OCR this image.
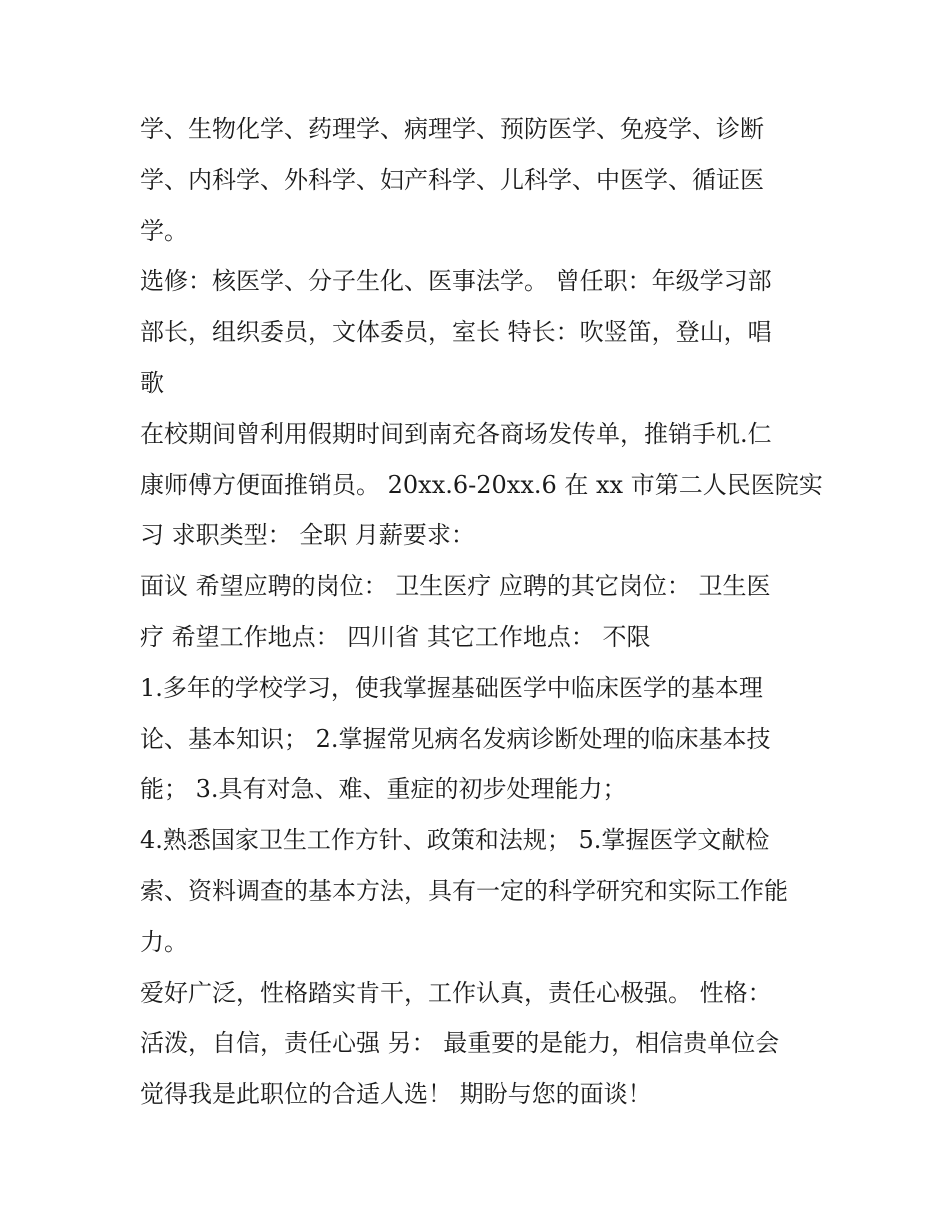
学、生物化学、药理学、病理学、预防医学、免疫学、诊断
学、内科学、外科学、妇产科学、儿科学、中医学、循证医
学。
选修：核医学、分子生化、医事法学。 曾任职：年级学习部
部长，组织委员，文体委员，室长 特长：吹竖笛，登山，唱
歌
在校期间曾利用假期时间到南充各商场发传单，推销手机.仁
康师傅方便面推销员。 20xx.6-20xx.6 在 xx 市第二人民医院实
习 求职类型： 全职 月薪要求：
面议 希望应聘的岗位： 卫生医疗 应聘的其它岗位： 卫生医
疗 希望工作地点： 四川省 其它工作地点： 不限
1.多年的学校学习，使我掌握基础医学中临床医学的基本理
论、基本知识； 2.掌握常见病名发病诊断处理的临床基本技
能； 3.具有对急、难、重症的初步处理能力；
4.熟悉国家卫生工作方针、政策和法规； 5.掌握医学文献检
索、资料调查的基本方法，具有一定的科学研究和实际工作能
力。
爱好广泛，性格踏实肯干，工作认真，责任心极强。 性格：
活泼，自信，责任心强 另： 最重要的是能力，相信贵单位会
觉得我是此职位的合适人选！ 期盼与您的面谈！
